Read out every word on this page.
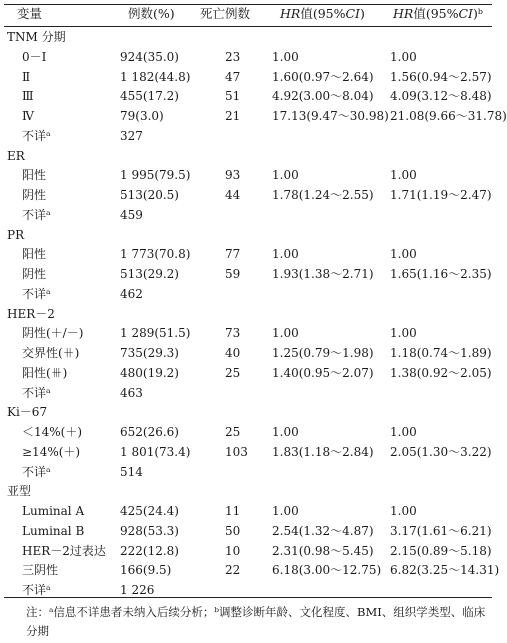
变量	例数(%) 死亡例数 HR值(95%CI) HR值(95%CI)ᵇ
TNM 分期
0－Ⅰ	924(35.0)	23	1.00	1.00
Ⅱ	1 182(44.8)	47	1.60(0.97～2.64) 1.56(0.94～2.57)
Ⅲ	455(17.2)	51	4.92(3.00～8.04) 4.09(3.12～8.48)
Ⅳ	79(3.0)	21	17.13(9.47～30.98) 21.08(9.66～31.78)
不详ᵃ	327
ER
阳性	1 995(79.5)	93	1.00	1.00
阴性	513(20.5)	44	1.78(1.24～2.55) 1.71(1.19～2.47)
不详ᵃ	459
PR
阳性	1 773(70.8)	77	1.00	1.00
阴性	513(29.2)	59	1.93(1.38～2.71) 1.65(1.16～2.35)
不详ᵃ	462
HER－2
阴性(＋/－)	1 289(51.5)	73	1.00	1.00
交界性(⧺)	735(29.3)	40	1.25(0.79～1.98) 1.18(0.74～1.89)
阳性(⧻)	480(19.2)	25	1.40(0.95～2.07) 1.38(0.92～2.05)
不详ᵃ	463
Ki－67
＜14%(＋)	652(26.6)	25	1.00	1.00
≥14%(＋)	1 801(73.4)	103 1.83(1.18～2.84) 2.05(1.30～3.22)
不详ᵃ	514
亚型
Luminal A	425(24.4)	11	1.00	1.00
Luminal B	928(53.3)	50	2.54(1.32～4.87) 3.17(1.61～6.21)
HER－2过表达 222(12.8)	10	2.31(0.98～5.45) 2.15(0.89～5.18)
三阴性	166(9.5)	22	6.18(3.00～12.75) 6.82(3.25～14.31)
不详ᵃ	1 226
注：ᵃ信息不详患者未纳入后续分析；ᵇ调整诊断年龄、文化程度、BMI、组织学类型、临床分期
